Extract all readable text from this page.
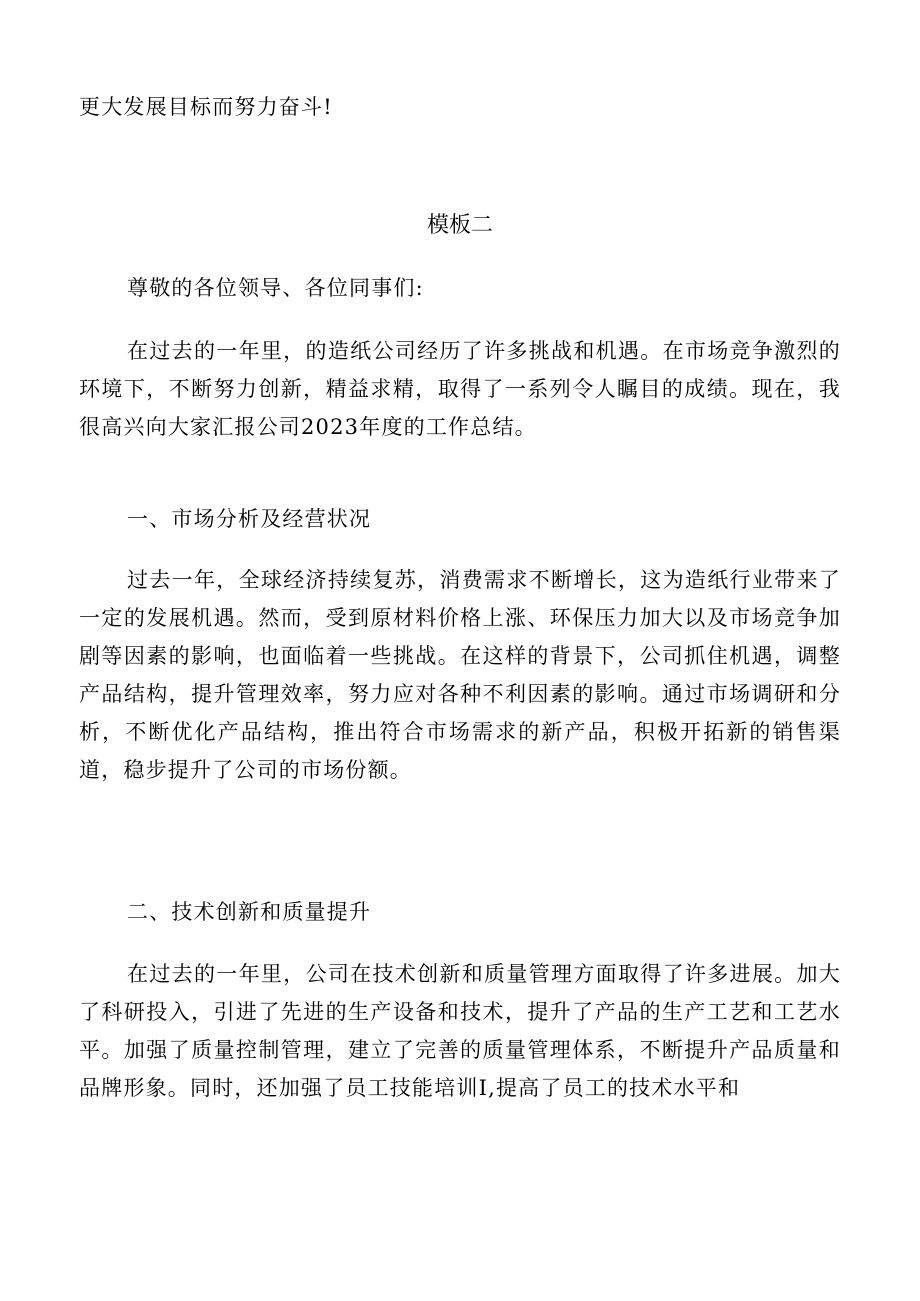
更大发展目标而努力奋斗!
模板二
尊敬的各位领导、各位同事们:
在过去的一年里，的造纸公司经历了许多挑战和机遇。在市场竞争激烈的环境下，不断努力创新，精益求精，取得了一系列令人瞩目的成绩。现在，我很高兴向大家汇报公司2023年度的工作总结。
一、市场分析及经营状况
过去一年，全球经济持续复苏，消费需求不断增长，这为造纸行业带来了一定的发展机遇。然而，受到原材料价格上涨、环保压力加大以及市场竞争加剧等因素的影响，也面临着一些挑战。在这样的背景下，公司抓住机遇，调整产品结构，提升管理效率，努力应对各种不利因素的影响。通过市场调研和分析，不断优化产品结构，推出符合市场需求的新产品，积极开拓新的销售渠道，稳步提升了公司的市场份额。
二、技术创新和质量提升
在过去的一年里，公司在技术创新和质量管理方面取得了许多进展。加大了科研投入，引进了先进的生产设备和技术，提升了产品的生产工艺和工艺水平。加强了质量控制管理，建立了完善的质量管理体系，不断提升产品质量和品牌形象。同时，还加强了员工技能培训I,提高了员工的技术水平和
